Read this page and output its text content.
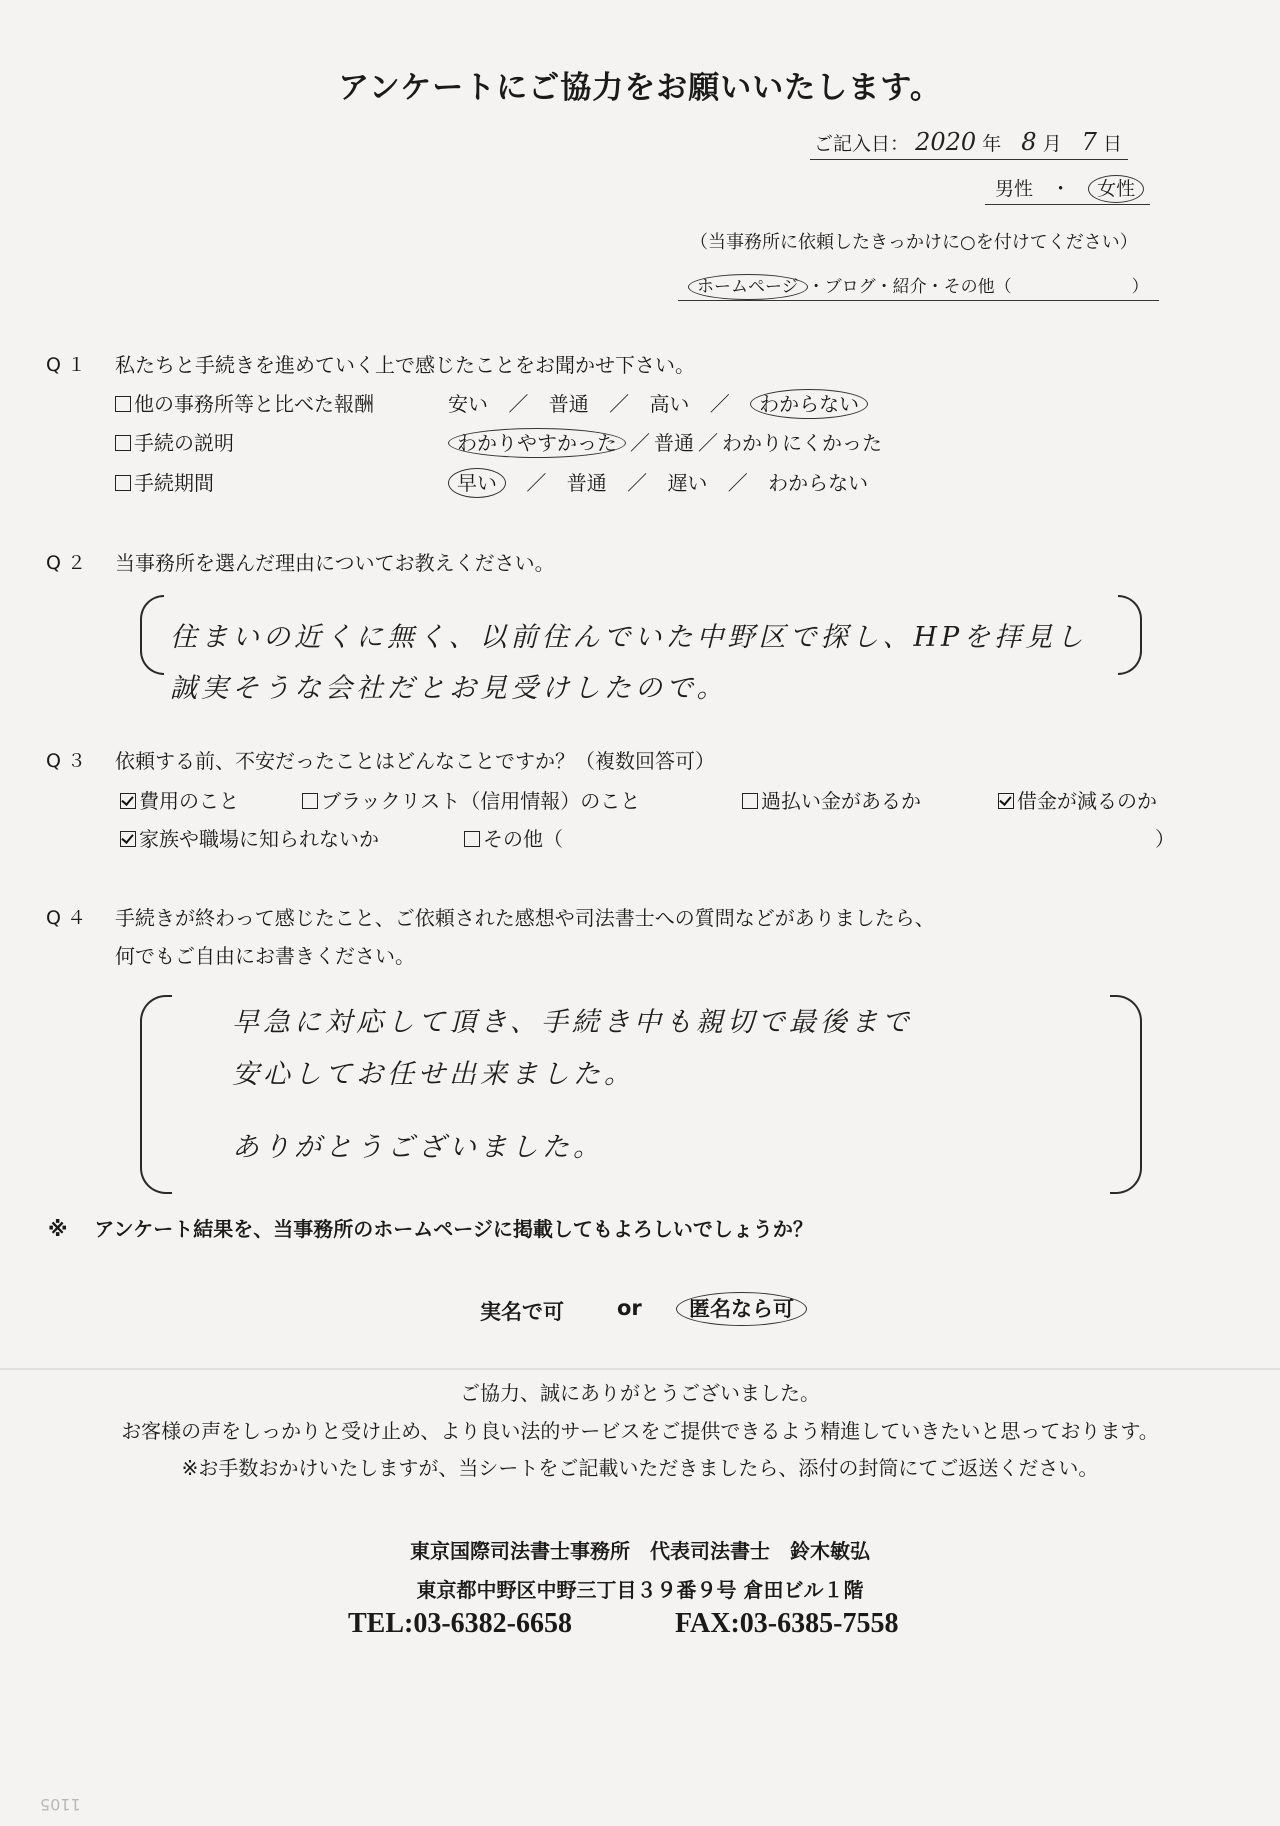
アンケートにご協力をお願いいたします。
ご記入日： 2020 年 8 月 7 日
男性 ・ 女性
（当事務所に依頼したきっかけに○を付けてください）
ホームページ ・ブログ・紹介・その他（	）
Q１ 私たちと手続きを進めていく上で感じたことをお聞かせ下さい。
他の事務所等と比べた報酬	安い ／ 普通 ／ 高い ／ わからない
手続の説明	わかりやすかった ／ 普通 ／ わかりにくかった
手続期間	早い ／ 普通 ／ 遅い ／ わからない
Q２ 当事務所を選んだ理由についてお教えください。
住まいの近くに無く、以前住んでいた中野区で探し、HPを拝見し
誠実そうな会社だとお見受けしたので。
Q３ 依頼する前、不安だったことはどんなことですか？（複数回答可）
費用のこと	ブラックリスト（信用情報）のこと	過払い金があるか	借金が減るのか
家族や職場に知られないか	その他（	）
Q４ 手続きが終わって感じたこと、ご依頼された感想や司法書士への質問などがありましたら、
何でもご自由にお書きください。
早急に対応して頂き、手続き中も親切で最後まで
安心してお任せ出来ました。
ありがとうございました。
※ アンケート結果を、当事務所のホームページに掲載してもよろしいでしょうか？
実名で可	or	匿名なら可
ご協力、誠にありがとうございました。
お客様の声をしっかりと受け止め、より良い法的サービスをご提供できるよう精進していきたいと思っております。
※お手数おかけいたしますが、当シートをご記載いただきましたら、添付の封筒にてご返送ください。
東京国際司法書士事務所　代表司法書士　鈴木敏弘
東京都中野区中野三丁目３９番９号 倉田ビル１階
TEL:03-6382-6658	FAX:03-6385-7558
1105
